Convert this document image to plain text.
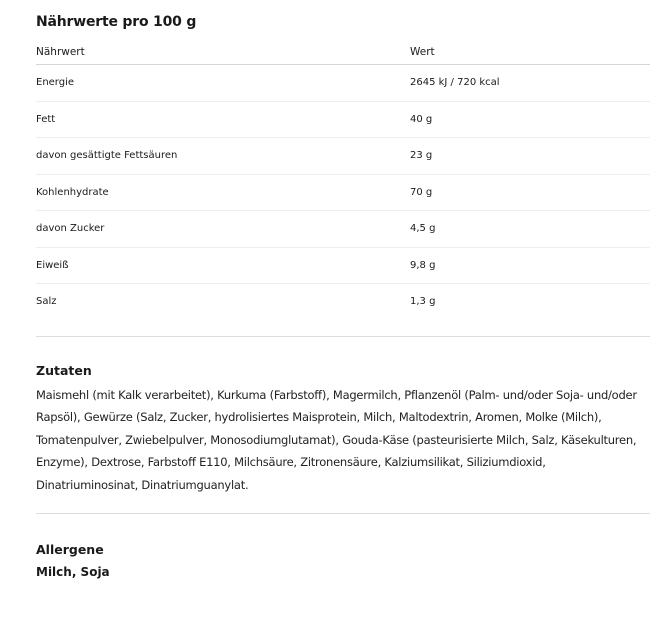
Nährwerte pro 100 g
Nährwert	Wert
Energie	2645 kJ / 720 kcal
Fett	40 g
davon gesättigte Fettsäuren	23 g
Kohlenhydrate	70 g
davon Zucker	4,5 g
Eiweiß	9,8 g
Salz	1,3 g
Zutaten

Maismehl (mit Kalk verarbeitet), Kurkuma (Farbstoff), Magermilch, Pflanzenöl (Palm- und/oder Soja- und/oder Rapsöl), Gewürze (Salz, Zucker, hydrolisiertes Maisprotein, Milch, Maltodextrin, Aromen, Molke (Milch), Tomatenpulver, Zwiebelpulver, Monosodiumglutamat), Gouda-Käse (pasteurisierte Milch, Salz, Käsekulturen, Enzyme), Dextrose, Farbstoff E110, Milchsäure, Zitronensäure, Kalziumsilikat, Siliziumdioxid, Dinatriuminosinat, Dinatriumguanylat.

Allergene

Milch, Soja
